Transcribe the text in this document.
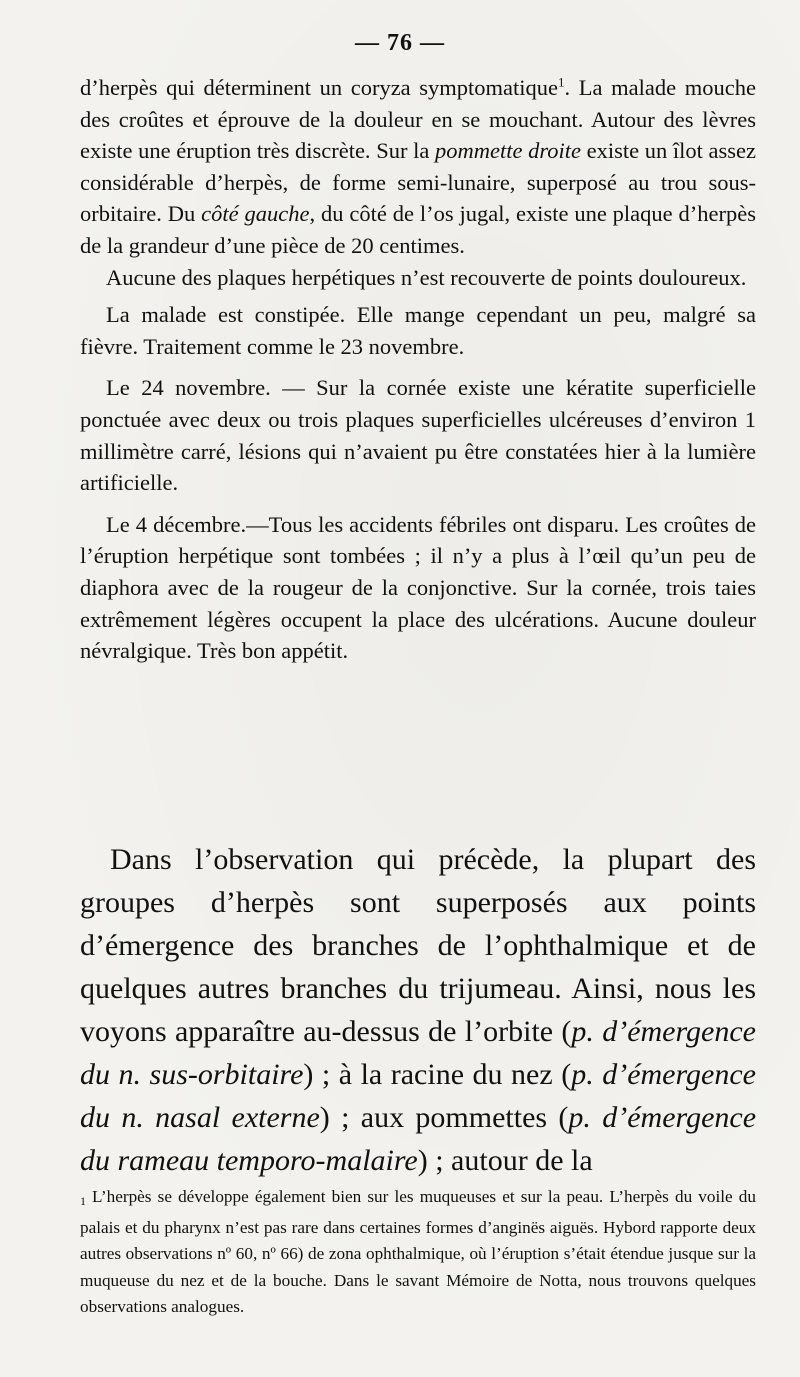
— 76 —

d’herpès qui déterminent un coryza symptomatique$^1$. La malade mouche des croûtes et éprouve de la douleur en se mouchant. Autour des lèvres existe une éruption très discrète. Sur la pommette droite existe un îlot assez considérable d’herpès, de forme semi-lunaire, superposé au trou sous-orbitaire. Du côté gauche, du côté de l’os jugal, existe une plaque d’herpès de la grandeur d’une pièce de 20 centimes.

Aucune des plaques herpétiques n’est recouverte de points douloureux.

La malade est constipée. Elle mange cependant un peu, malgré sa fièvre. Traitement comme le 23 novembre.

Le 24 novembre. — Sur la cornée existe une kératite superficielle ponctuée avec deux ou trois plaques superficielles ulcéreuses d’environ 1 millimètre carré, lésions qui n’avaient pu être constatées hier à la lumière artificielle.

Le 4 décembre.—Tous les accidents fébriles ont disparu. Les croûtes de l’éruption herpétique sont tombées ; il n’y a plus à l’œil qu’un peu de diaphora avec de la rougeur de la conjonctive. Sur la cornée, trois taies extrêmement légères occupent la place des ulcérations. Aucune douleur névralgique. Très bon appétit.

Dans l’observation qui précède, la plupart des groupes d’herpès sont superposés aux points d’émergence des branches de l’ophthalmique et de quelques autres branches du trijumeau. Ainsi, nous les voyons apparaître au-dessus de l’orbite (p. d’émergence du n. sus-orbitaire) ; à la racine du nez (p. d’émergence du n. nasal externe) ; aux pommettes (p. d’émergence du rameau temporo-malaire) ; autour de la

1 L’herpès se développe également bien sur les muqueuses et sur la peau. L’herpès du voile du palais et du pharynx n’est pas rare dans certaines formes d’anginës aiguës. Hybord rapporte deux autres observations nº 60, nº 66) de zona ophthalmique, où l’éruption s’était étendue jusque sur la muqueuse du nez et de la bouche. Dans le savant Mémoire de Notta, nous trouvons quelques observations analogues.
